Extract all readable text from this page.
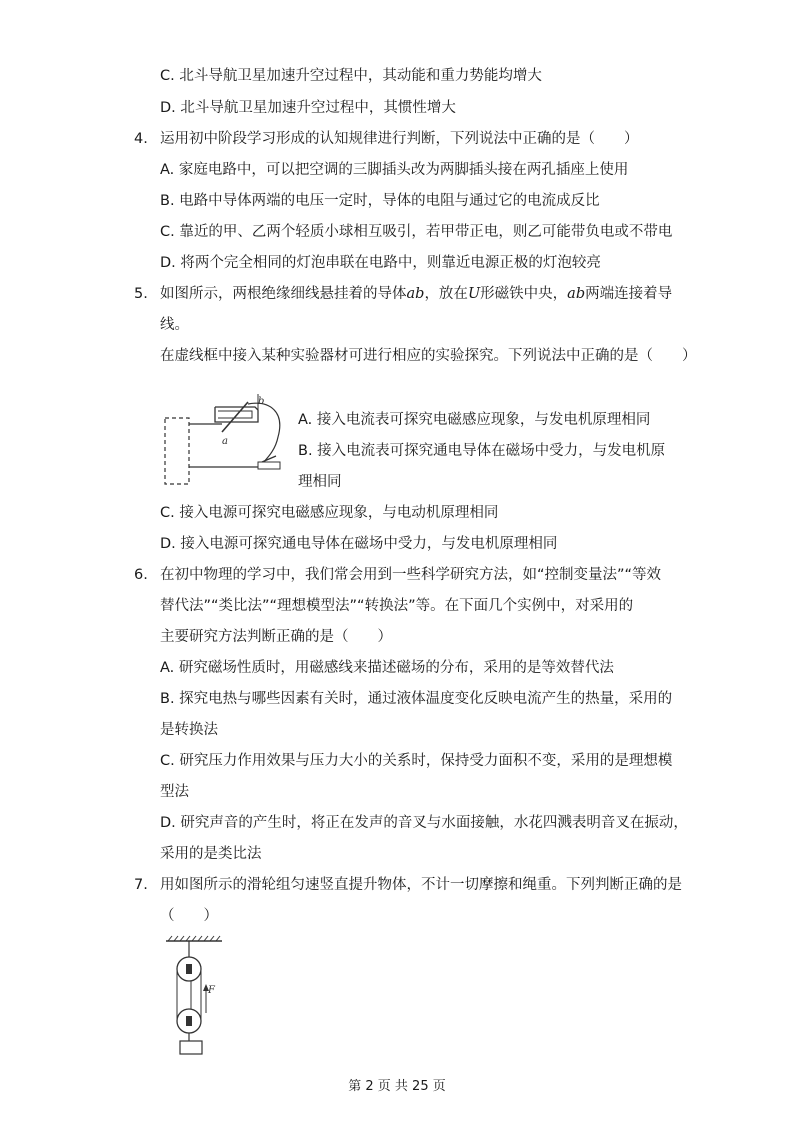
C. 北斗导航卫星加速升空过程中，其动能和重力势能均增大
D. 北斗导航卫星加速升空过程中，其惯性增大
4. 运用初中阶段学习形成的认知规律进行判断，下列说法中正确的是（　　）
A. 家庭电路中，可以把空调的三脚插头改为两脚插头接在两孔插座上使用
B. 电路中导体两端的电压一定时，导体的电阻与通过它的电流成反比
C. 靠近的甲、乙两个轻质小球相互吸引，若甲带正电，则乙可能带负电或不带电
D. 将两个完全相同的灯泡串联在电路中，则靠近电源正极的灯泡较亮
5. 如图所示，两根绝缘细线悬挂着的导体ab，放在U形磁铁中央，ab两端连接着导
线。
在虚线框中接入某种实验器材可进行相应的实验探究。下列说法中正确的是（　　）
b
a
A. 接入电流表可探究电磁感应现象，与发电机原理相同
B. 接入电流表可探究通电导体在磁场中受力，与发电机原
理相同
C. 接入电源可探究电磁感应现象，与电动机原理相同
D. 接入电源可探究通电导体在磁场中受力，与发电机原理相同
6. 在初中物理的学习中，我们常会用到一些科学研究方法，如“控制变量法”“等效
替代法”“类比法”“理想模型法”“转换法”等。在下面几个实例中，对采用的
主要研究方法判断正确的是（　　）
A. 研究磁场性质时，用磁感线来描述磁场的分布，采用的是等效替代法
B. 探究电热与哪些因素有关时，通过液体温度变化反映电流产生的热量，采用的
是转换法
C. 研究压力作用效果与压力大小的关系时，保持受力面积不变，采用的是理想模
型法
D. 研究声音的产生时，将正在发声的音叉与水面接触，水花四溅表明音叉在振动，
采用的是类比法
7. 用如图所示的滑轮组匀速竖直提升物体，不计一切摩擦和绳重。下列判断正确的是
（　　）
F
第 2 页 共 25 页
